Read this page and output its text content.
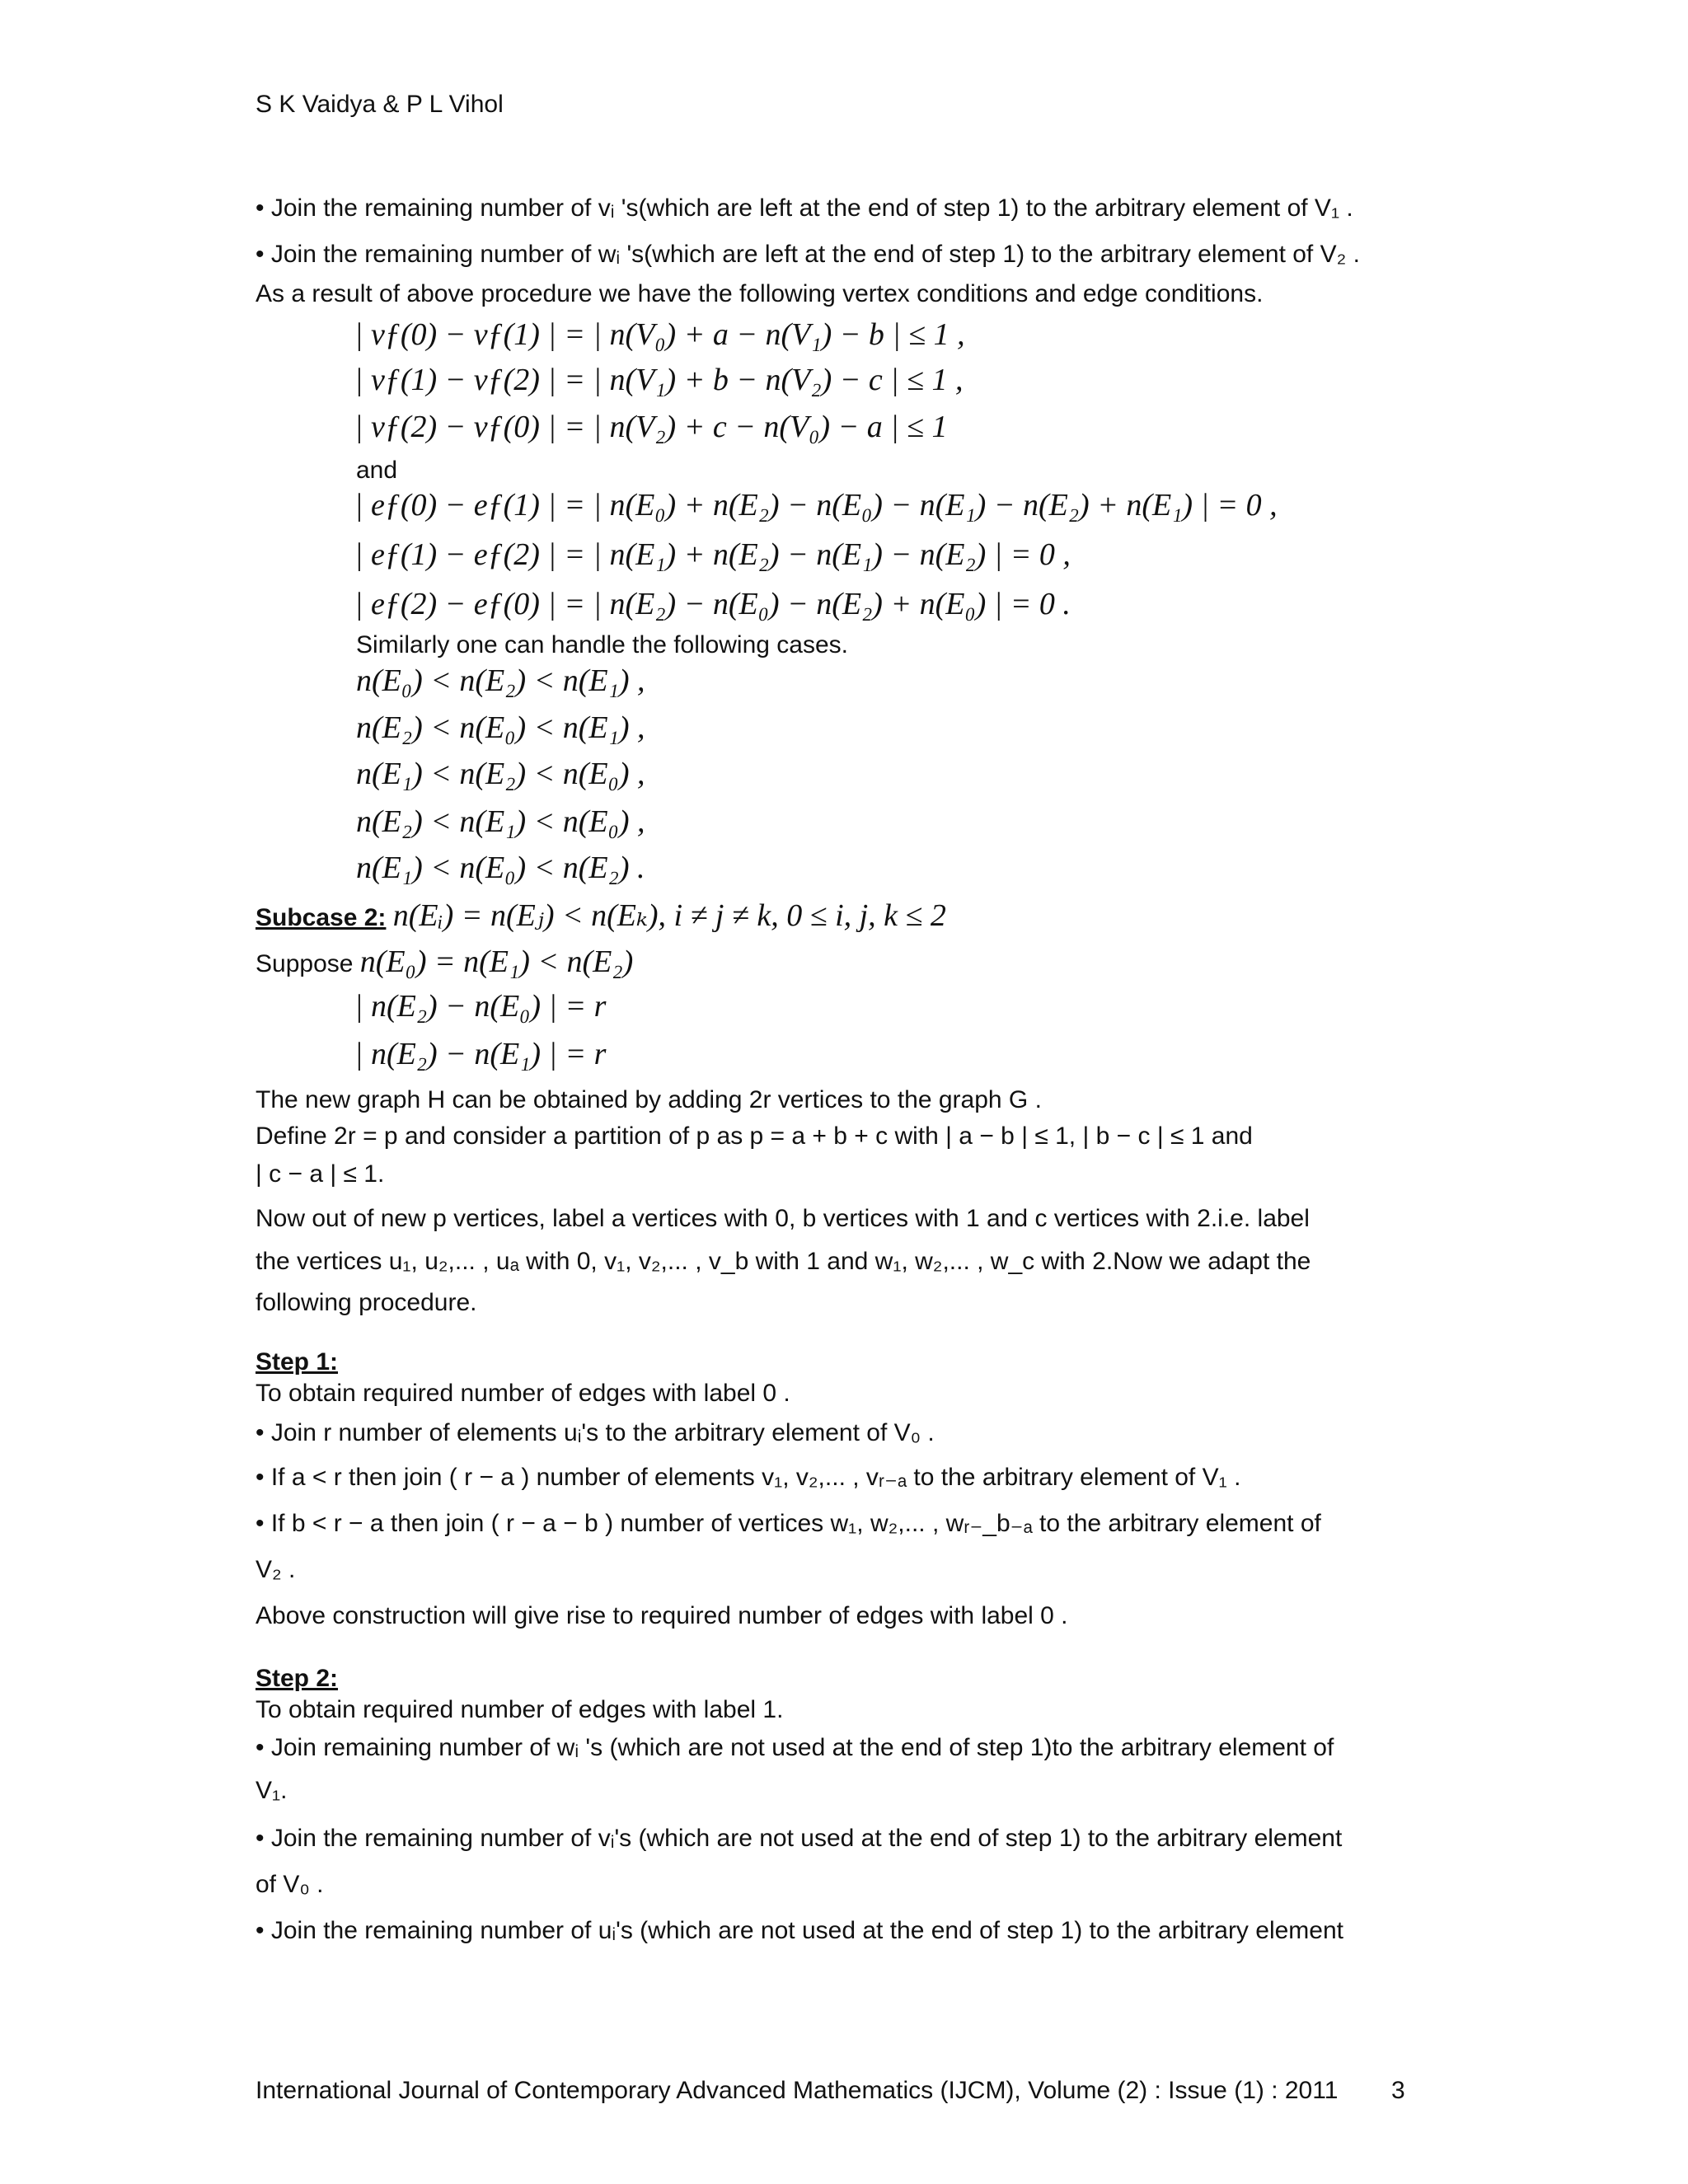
S K Vaidya & P L Vihol
• Join the remaining number of vᵢ 's(which are left at the end of step 1) to the arbitrary element of V₁ .
• Join the remaining number of wᵢ 's(which are left at the end of step 1) to the arbitrary element of V₂ .
As a result of above procedure we have the following vertex conditions and edge conditions.
| vƒ(0) − vƒ(1) | = | n(V₀) + a − n(V₁) − b | ≤ 1 ,
| vƒ(1) − vƒ(2) | = | n(V₁) + b − n(V₂) − c | ≤ 1 ,
| vƒ(2) − vƒ(0) | = | n(V₂) + c − n(V₀) − a | ≤ 1
and
| eƒ(0) − eƒ(1) | = | n(E₀) + n(E₂) − n(E₀) − n(E₁) − n(E₂) + n(E₁) | = 0 ,
| eƒ(1) − eƒ(2) | = | n(E₁) + n(E₂) − n(E₁) − n(E₂) | = 0 ,
| eƒ(2) − eƒ(0) | = | n(E₂) − n(E₀) − n(E₂) + n(E₀) | = 0 .
Similarly one can handle the following cases.
n(E₀) < n(E₂) < n(E₁) ,
n(E₂) < n(E₀) < n(E₁) ,
n(E₁) < n(E₂) < n(E₀) ,
n(E₂) < n(E₁) < n(E₀) ,
n(E₁) < n(E₀) < n(E₂) .
Subcase 2: n(Eᵢ) = n(Eⱼ) < n(Eₖ), i ≠ j ≠ k, 0 ≤ i, j, k ≤ 2
Suppose n(E₀) = n(E₁) < n(E₂)
| n(E₂) − n(E₀) | = r
| n(E₂) − n(E₁) | = r
The new graph H can be obtained by adding 2r vertices to the graph G .
Define 2r = p and consider a partition of p as p = a + b + c with | a − b | ≤ 1, | b − c | ≤ 1 and
| c − a | ≤ 1.
Now out of new p vertices, label a vertices with 0, b vertices with 1 and c vertices with 2.i.e. label
the vertices u₁, u₂,... , uₐ with 0, v₁, v₂,... , v_b with 1 and w₁, w₂,... , w_c with 2.Now we adapt the
following procedure.
Step 1:
To obtain required number of edges with label 0 .
• Join r number of elements uᵢ's to the arbitrary element of V₀ .
• If a < r then join ( r − a ) number of elements v₁, v₂,... , vᵣ₋ₐ to the arbitrary element of V₁ .
• If b < r − a then join ( r − a − b ) number of vertices w₁, w₂,... , wᵣ₋_b₋ₐ to the arbitrary element of
V₂ .
Above construction will give rise to required number of edges with label 0 .
Step 2:
To obtain required number of edges with label 1.
• Join remaining number of wᵢ 's (which are not used at the end of step 1)to the arbitrary element of
V₁.
• Join the remaining number of vᵢ's (which are not used at the end of step 1) to the arbitrary element
of V₀ .
• Join the remaining number of uᵢ's (which are not used at the end of step 1) to the arbitrary element
International Journal of Contemporary Advanced Mathematics (IJCM), Volume (2) : Issue (1) : 2011 3
